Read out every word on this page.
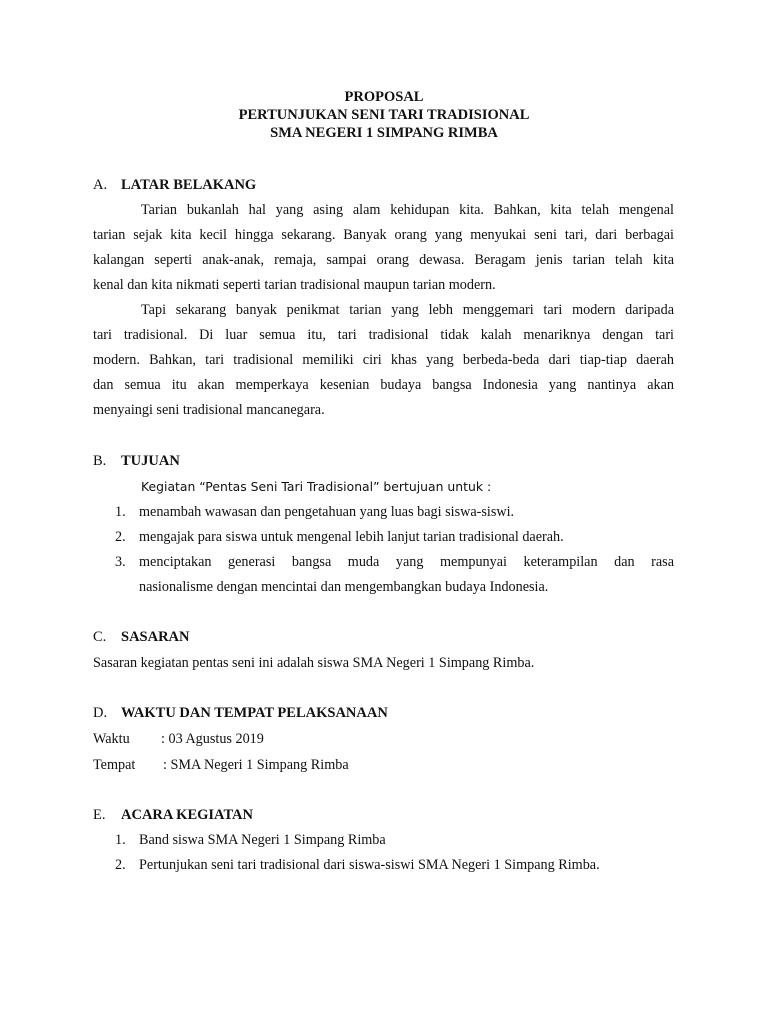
PROPOSAL
PERTUNJUKAN SENI TARI TRADISIONAL
SMA NEGERI 1 SIMPANG RIMBA
A. LATAR BELAKANG
Tarian bukanlah hal yang asing alam kehidupan kita. Bahkan, kita telah mengenal
tarian sejak kita kecil hingga sekarang. Banyak orang yang menyukai seni tari, dari berbagai
kalangan seperti anak-anak, remaja, sampai orang dewasa. Beragam jenis tarian telah kita
kenal dan kita nikmati seperti tarian tradisional maupun tarian modern.
Tapi sekarang banyak penikmat tarian yang lebh menggemari tari modern daripada
tari tradisional. Di luar semua itu, tari tradisional tidak kalah menariknya dengan tari
modern. Bahkan, tari tradisional memiliki ciri khas yang berbeda-beda dari tiap-tiap daerah
dan semua itu akan memperkaya kesenian budaya bangsa Indonesia yang nantinya akan
menyaingi seni tradisional mancanegara.
B. TUJUAN
Kegiatan “Pentas Seni Tari Tradisional” bertujuan untuk :
1. menambah wawasan dan pengetahuan yang luas bagi siswa-siswi.
2. mengajak para siswa untuk mengenal lebih lanjut tarian tradisional daerah.
3. menciptakan generasi bangsa muda yang mempunyai keterampilan dan rasa
nasionalisme dengan mencintai dan mengembangkan budaya Indonesia.
C. SASARAN
Sasaran kegiatan pentas seni ini adalah siswa SMA Negeri 1 Simpang Rimba.
D. WAKTU DAN TEMPAT PELAKSANAAN
Waktu : 03 Agustus 2019
Tempat : SMA Negeri 1 Simpang Rimba
E. ACARA KEGIATAN
1. Band siswa SMA Negeri 1 Simpang Rimba
2. Pertunjukan seni tari tradisional dari siswa-siswi SMA Negeri 1 Simpang Rimba.
